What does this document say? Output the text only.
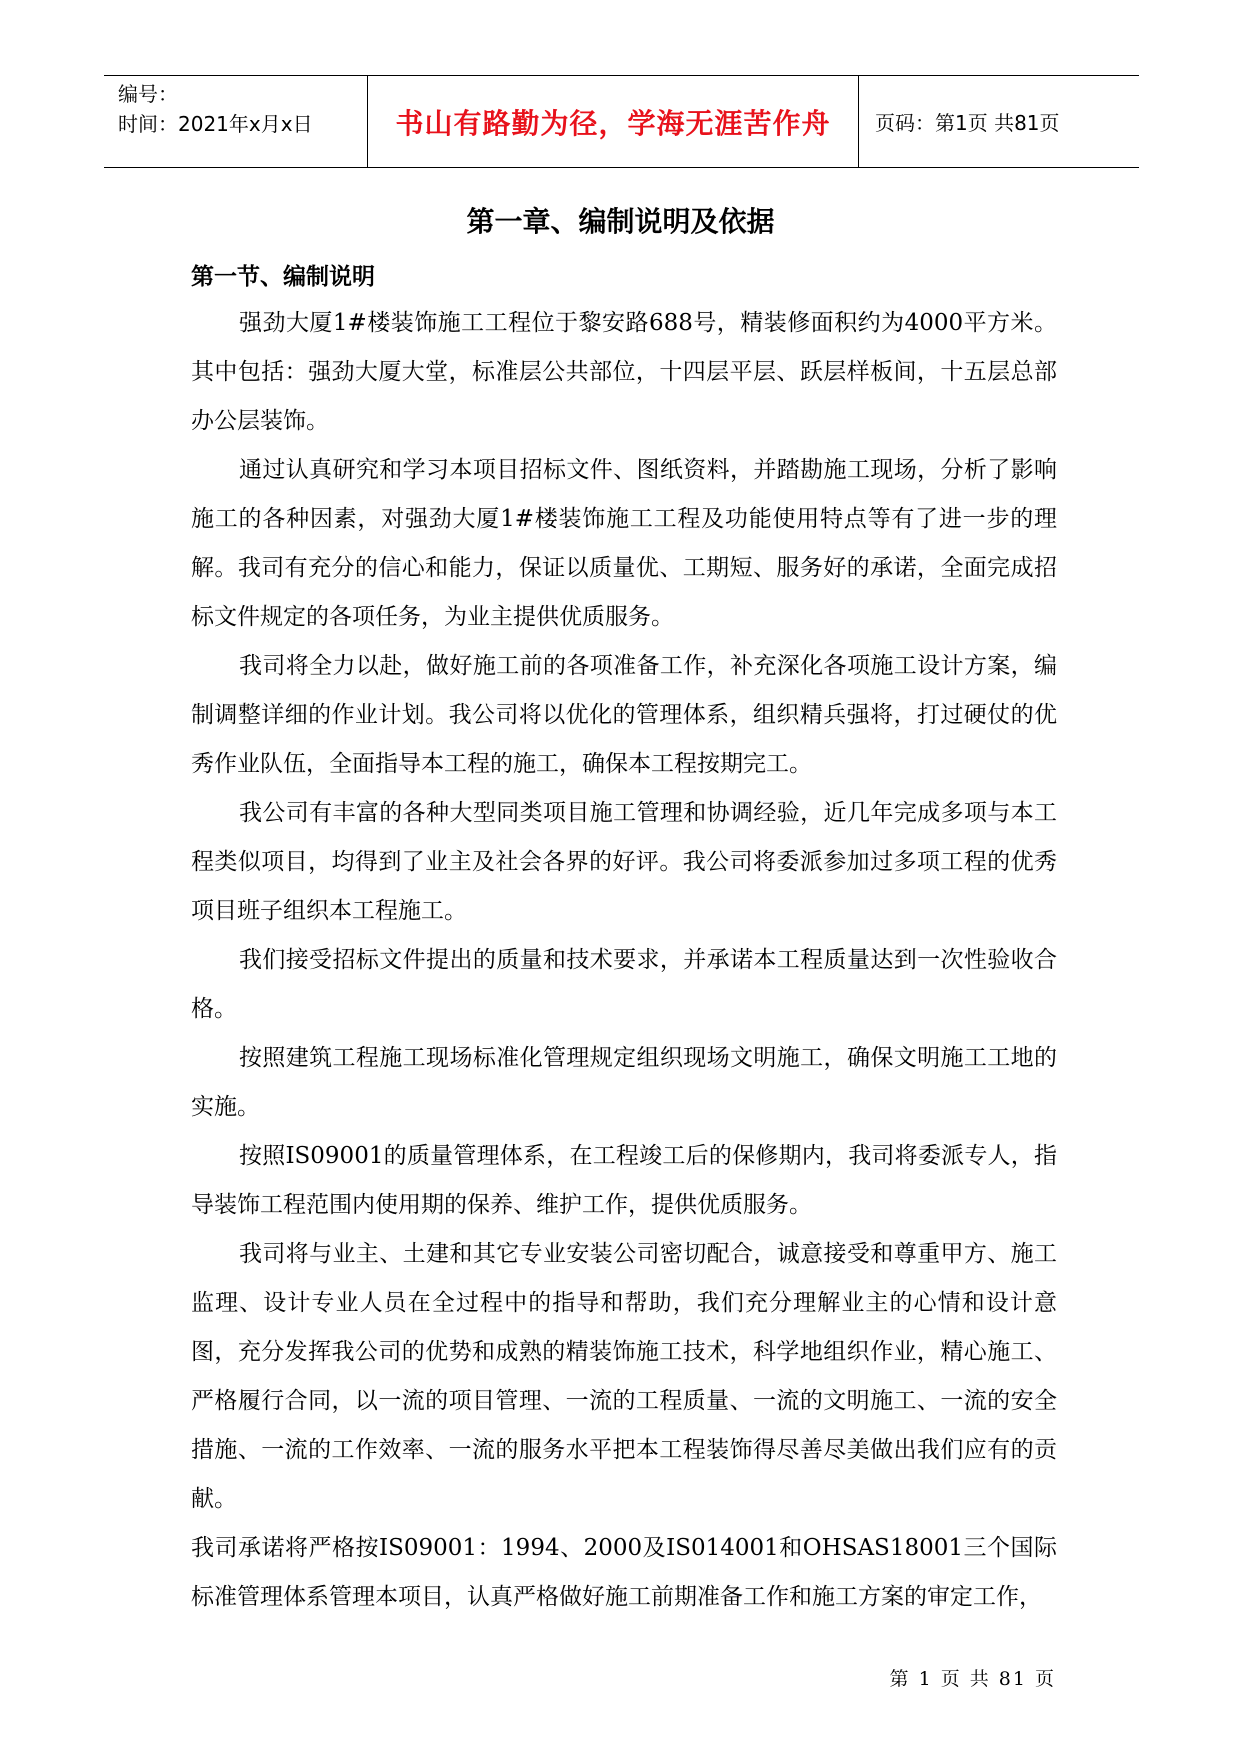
编号：
时间：2021年x月x日	书山有路勤为径，学海无涯苦作舟	页码：第1页 共81页
第一章、编制说明及依据
第一节、编制说明

强劲大厦1#楼装饰施工工程位于黎安路688号，精装修面积约为4000平方米。其中包括：强劲大厦大堂，标准层公共部位，十四层平层、跃层样板间，十五层总部办公层装饰。

通过认真研究和学习本项目招标文件、图纸资料，并踏勘施工现场，分析了影响施工的各种因素，对强劲大厦1#楼装饰施工工程及功能使用特点等有了进一步的理解。我司有充分的信心和能力，保证以质量优、工期短、服务好的承诺，全面完成招标文件规定的各项任务，为业主提供优质服务。

我司将全力以赴，做好施工前的各项准备工作，补充深化各项施工设计方案，编制调整详细的作业计划。我公司将以优化的管理体系，组织精兵强将，打过硬仗的优秀作业队伍，全面指导本工程的施工，确保本工程按期完工。

我公司有丰富的各种大型同类项目施工管理和协调经验，近几年完成多项与本工程类似项目，均得到了业主及社会各界的好评。我公司将委派参加过多项工程的优秀项目班子组织本工程施工。

我们接受招标文件提出的质量和技术要求，并承诺本工程质量达到一次性验收合格。

按照建筑工程施工现场标准化管理规定组织现场文明施工，确保文明施工工地的实施。

按照IS09001的质量管理体系，在工程竣工后的保修期内，我司将委派专人，指导装饰工程范围内使用期的保养、维护工作，提供优质服务。

我司将与业主、土建和其它专业安装公司密切配合，诚意接受和尊重甲方、施工监理、设计专业人员在全过程中的指导和帮助，我们充分理解业主的心情和设计意图，充分发挥我公司的优势和成熟的精装饰施工技术，科学地组织作业，精心施工、严格履行合同，以一流的项目管理、一流的工程质量、一流的文明施工、一流的安全措施、一流的工作效率、一流的服务水平把本工程装饰得尽善尽美做出我们应有的贡献。

我司承诺将严格按IS09001：1994、2000及IS014001和OHSAS18001三个国际标准管理体系管理本项目，认真严格做好施工前期准备工作和施工方案的审定工作，

第 1 页 共 81 页
